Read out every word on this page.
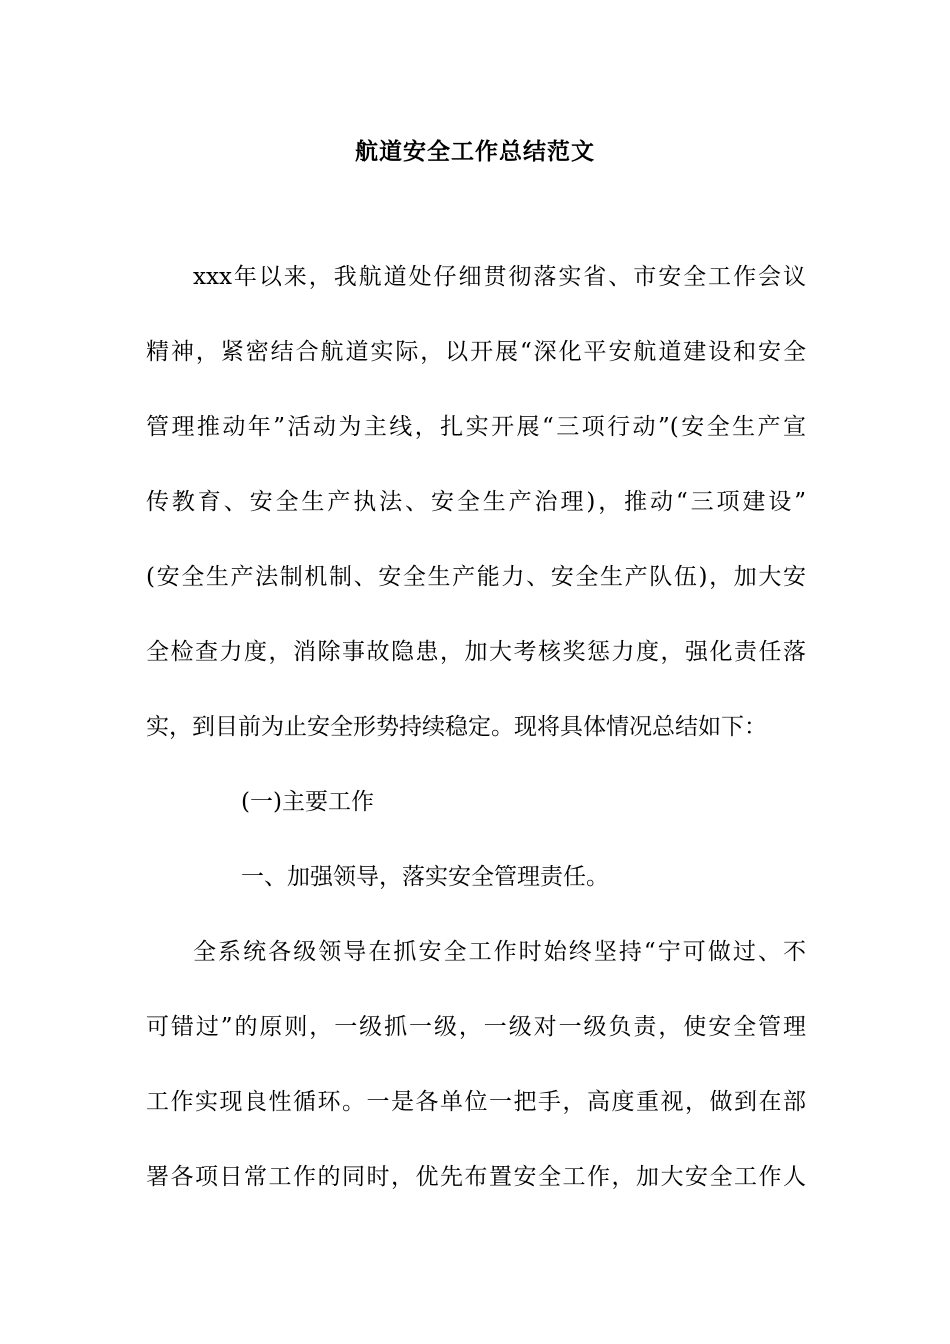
航道安全工作总结范文
xxx年以来，我航道处仔细贯彻落实省、市安全工作会议
精神，紧密结合航道实际，以开展“深化平安航道建设和安全
管理推动年”活动为主线，扎实开展“三项行动”(安全生产宣
传教育、安全生产执法、安全生产治理)，推动“三项建设”
(安全生产法制机制、安全生产能力、安全生产队伍)，加大安
全检查力度，消除事故隐患，加大考核奖惩力度，强化责任落
实，到目前为止安全形势持续稳定。现将具体情况总结如下：
(一)主要工作
一、加强领导，落实安全管理责任。
全系统各级领导在抓安全工作时始终坚持“宁可做过、不
可错过”的原则，一级抓一级，一级对一级负责，使安全管理
工作实现良性循环。一是各单位一把手，高度重视，做到在部
署各项日常工作的同时，优先布置安全工作，加大安全工作人
